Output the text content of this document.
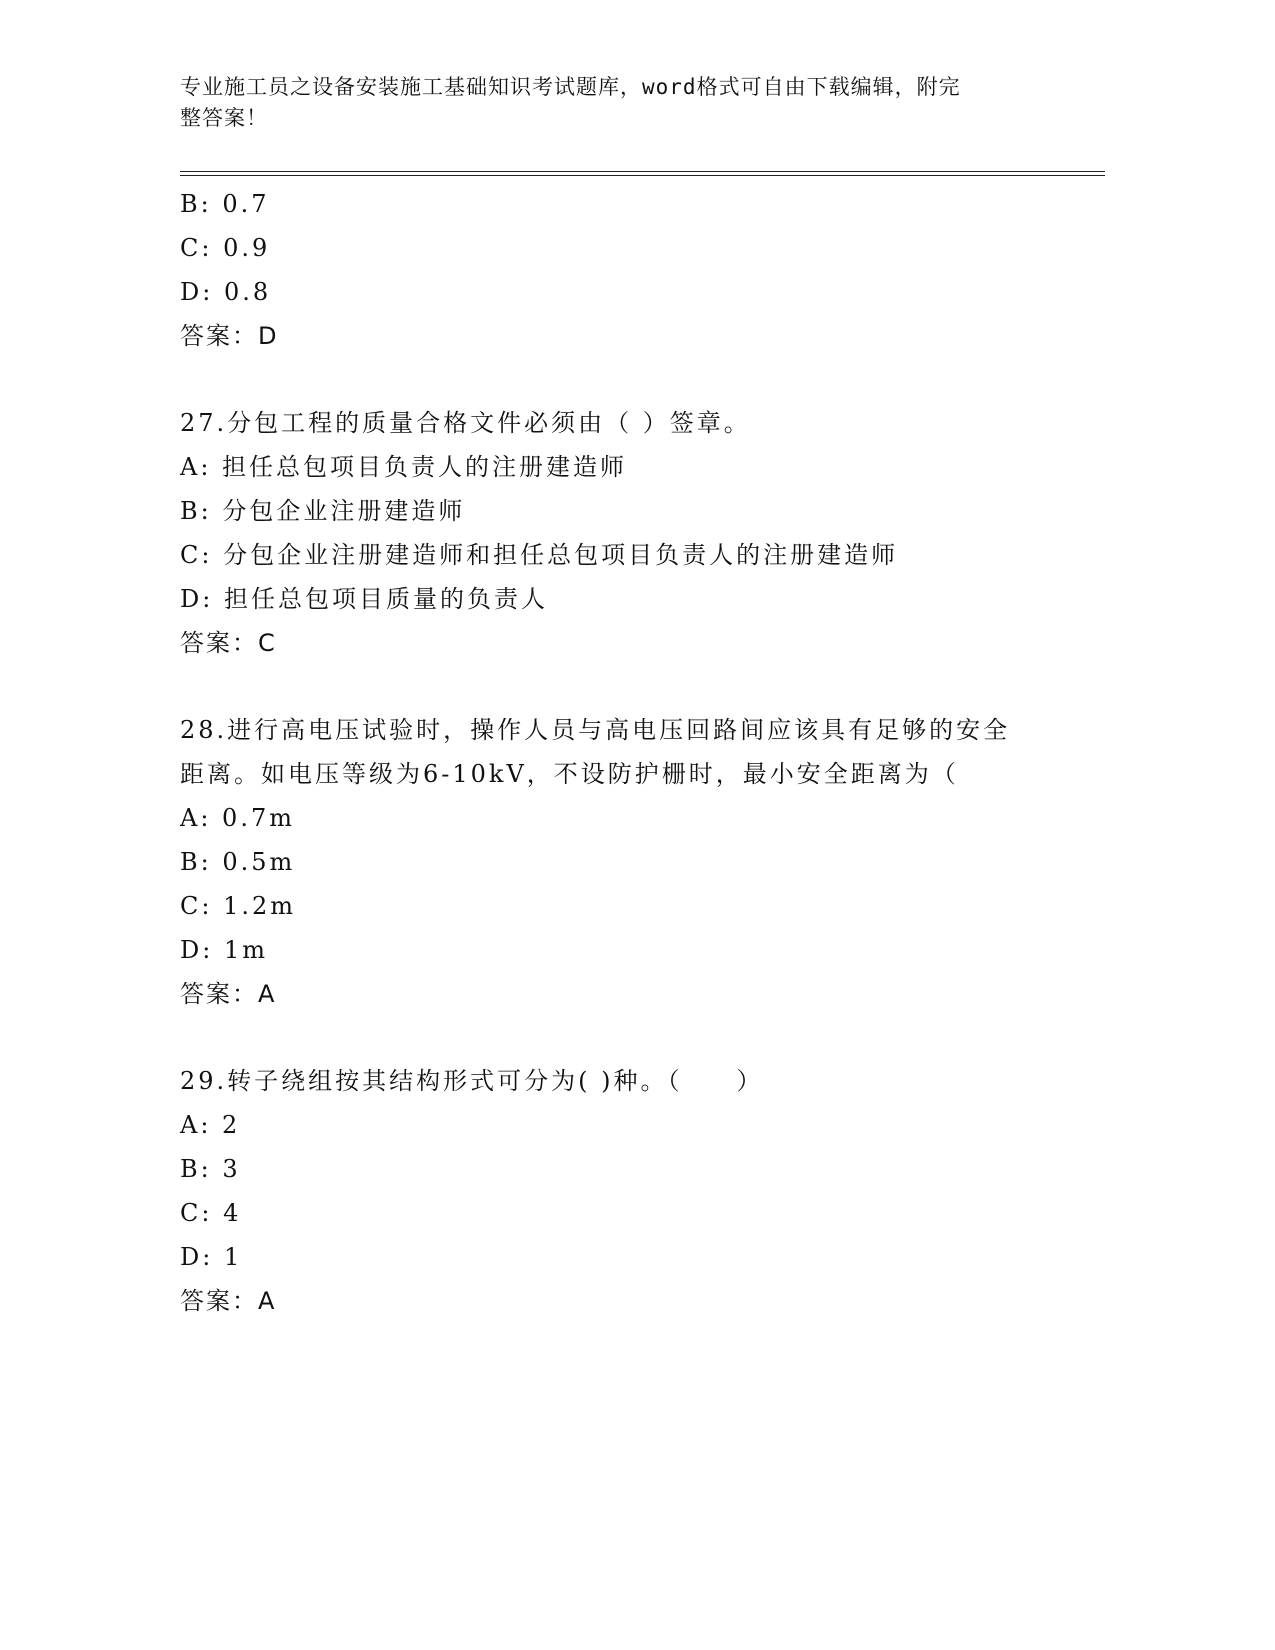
专业施工员之设备安装施工基础知识考试题库，word格式可自由下载编辑，附完
整答案！
B: 0.7
C: 0.9
D: 0.8
答案：D
27.分包工程的质量合格文件必须由（ ）签章。
A: 担任总包项目负责人的注册建造师
B: 分包企业注册建造师
C: 分包企业注册建造师和担任总包项目负责人的注册建造师
D: 担任总包项目质量的负责人
答案：C
28.进行高电压试验时，操作人员与高电压回路间应该具有足够的安全
距离。如电压等级为6-10kV，不设防护栅时，最小安全距离为（
A: 0.7m
B: 0.5m
C: 1.2m
D: 1m
答案：A
29.转子绕组按其结构形式可分为( )种。（　　）
A: 2
B: 3
C: 4
D: 1
答案：A
